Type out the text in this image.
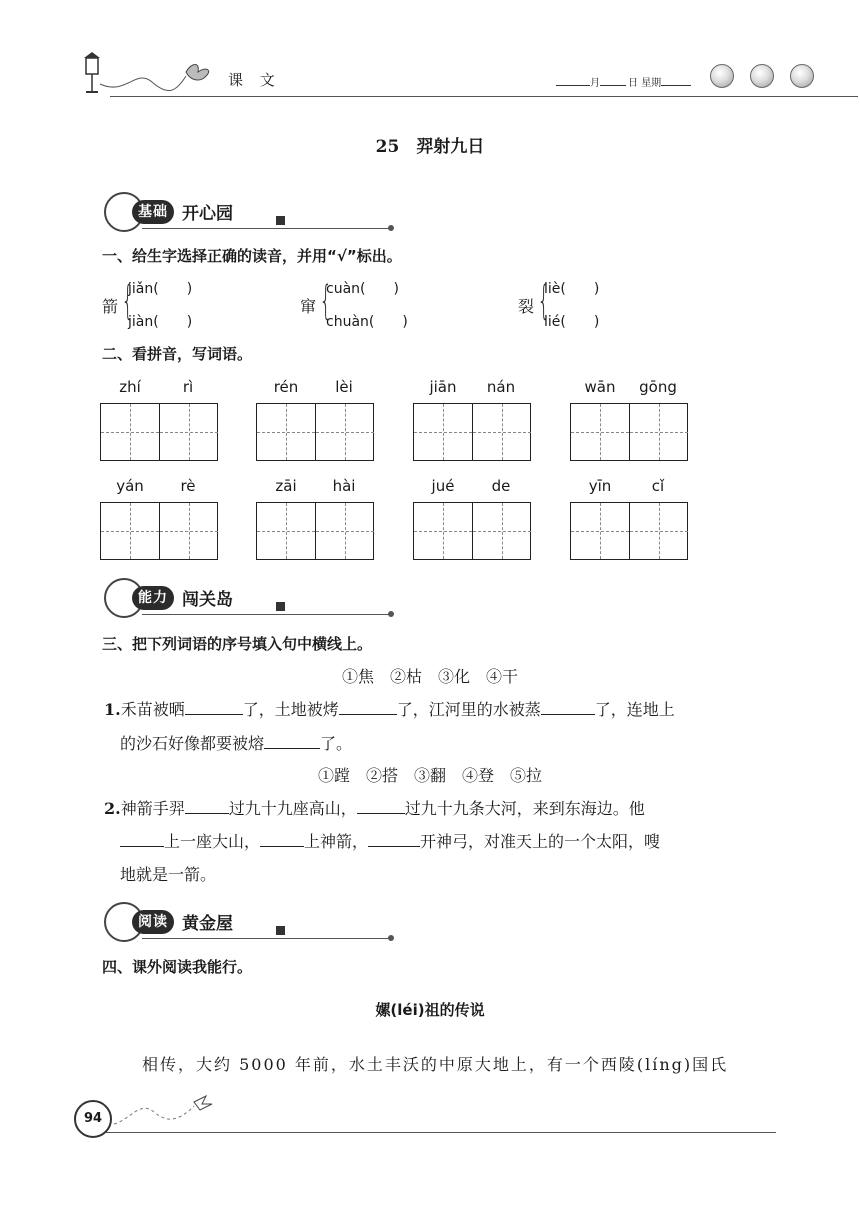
课 文	月	日 星期
25　羿射九日
基础 开心园
一、给生字选择正确的读音，并用“√”标出。
箭 {
jiǎn(　　)
jiàn(　　)
窜 {
cuàn(　　)
chuàn(　　)
裂 {
liè(　　)
lié(　　)
二、看拼音，写词语。
zhí	rì	rén	lèi	jiān	nán	wān	gōng
yán	rè	zāi	hài	jué	de	yīn	cǐ
能力 闯关岛
三、把下列词语的序号填入句中横线上。
①焦　②枯　③化　④干
1.禾苗被晒	了，土地被烤	了，江河里的水被蒸	了，连地上
的沙石好像都要被熔	了。
①蹚　②搭　③翻　④登　⑤拉
2.神箭手羿	过九十九座高山，	过九十九条大河，来到东海边。他
上一座大山，	上神箭，	开神弓，对准天上的一个太阳，嗖
地就是一箭。
阅读 黄金屋
四、课外阅读我能行。
嫘(léi)祖的传说
相传，大约 5000 年前，水土丰沃的中原大地上，有一个西陵(líng)国氏
94
